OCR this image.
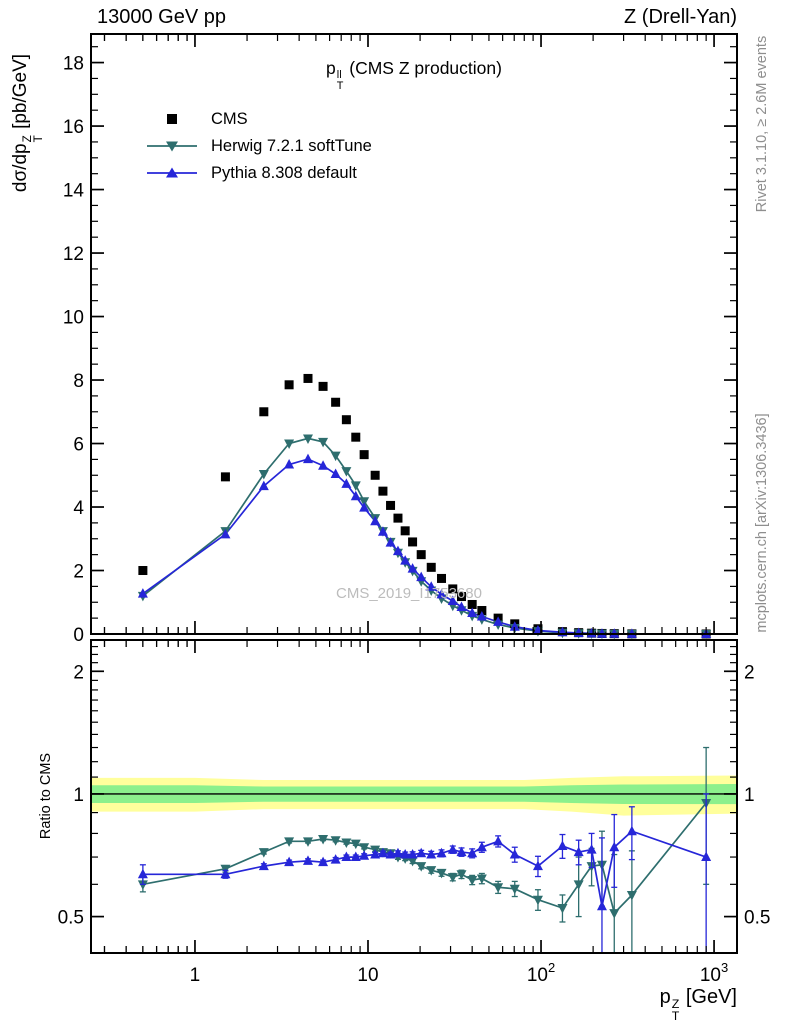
0
2
4
6
8
10
12
14
16
18
1	10	$10^2$	$10^3$
0.5	0.5
1	1
2	2
13000 GeV pp	Z (Drell-Yan)
p ll
T
(CMS Z production)
CMS
Herwig 7.2.1 softTune
Pythia 8.308 default
dσ/dp
Z
T
[pb/GeV]
Ratio to CMS
Rivet 3.1.10, ≥ 2.6M events
mcplots.cern.ch [arXiv:1306.3436]
CMS_2019_I1753680
p Z
T
[GeV]
